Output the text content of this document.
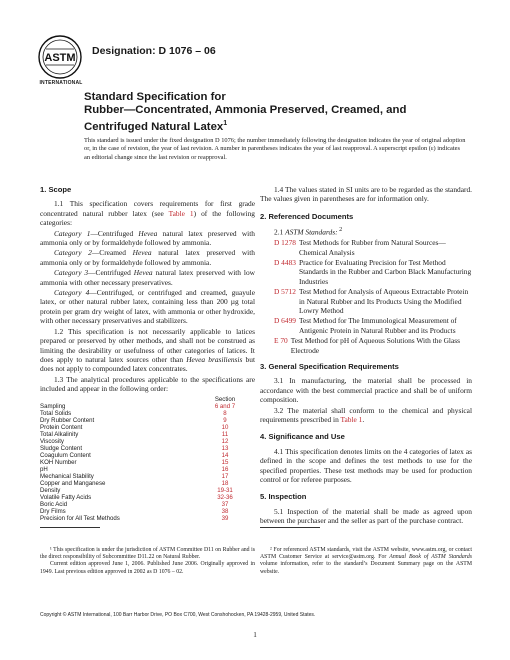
ASTM
INTERNATIONAL
Designation: D 1076 – 06
Standard Specification for
Rubber—Concentrated, Ammonia Preserved, Creamed, and
Centrifuged Natural Latex$^1$
This standard is issued under the fixed designation D 1076; the number immediately following the designation indicates the year of original adoption or, in the case of revision, the year of last revision. A number in parentheses indicates the year of last reapproval. A superscript epsilon (ε) indicates an editorial change since the last revision or reapproval.
1. Scope

1.1 This specification covers requirements for first grade concentrated natural rubber latex (see Table 1) of the following categories:

Category 1—Centrifuged Hevea natural latex preserved with ammonia only or by formaldehyde followed by ammonia.

Category 2—Creamed Hevea natural latex preserved with ammonia only or by formaldehyde followed by ammonia.

Category 3—Centrifuged Hevea natural latex preserved with low ammonia with other necessary preservatives.

Category 4—Centrifuged, or centrifuged and creamed, guayule latex, or other natural rubber latex, containing less than 200 µg total protein per gram dry weight of latex, with ammonia or other hydroxide, with other necessary preservatives and stabilizers.

1.2 This specification is not necessarily applicable to latices prepared or preserved by other methods, and shall not be construed as limiting the desirability or usefulness of other categories of latices. It does apply to natural latex sources other than Hevea brasiliensis but does not apply to compounded latex concentrates.

1.3 The analytical procedures applicable to the specifications are included and appear in the following order:

	Section
Sampling	6 and 7
Total Solids	8
Dry Rubber Content	9
Protein Content	10
Total Alkalinity	11
Viscosity	12
Sludge Content	13
Coagulum Content	14
KOH Number	15
pH	16
Mechanical Stability	17
Copper and Manganese	18
Density	19-31
Volatile Fatty Acids	32-36
Boric Acid	37
Dry Films	38
Precision for All Test Methods	39

1.4 The values stated in SI units are to be regarded as the standard. The values given in parentheses are for information only.

2. Referenced Documents

2.1 ASTM Standards: $^2$

D 1278 Test Methods for Rubber from Natural Sources—Chemical Analysis
D 4483 Practice for Evaluating Precision for Test Method Standards in the Rubber and Carbon Black Manufacturing Industries
D 5712 Test Method for Analysis of Aqueous Extractable Protein in Natural Rubber and Its Products Using the Modified Lowry Method
D 6499 Test Method for The Immunological Measurement of Antigenic Protein in Natural Rubber and its Products
E 70 Test Method for pH of Aqueous Solutions With the Glass Electrode
3. General Specification Requirements

3.1 In manufacturing, the material shall be processed in accordance with the best commercial practice and shall be of uniform composition.

3.2 The material shall conform to the chemical and physical requirements prescribed in Table 1.

4. Significance and Use

4.1 This specification denotes limits on the 4 categories of latex as defined in the scope and defines the test methods to use for the specified properties. These test methods may be used for production control or for referee purposes.

5. Inspection

5.1 Inspection of the material shall be made as agreed upon between the purchaser and the seller as part of the purchase contract.

¹ This specification is under the jurisdiction of ASTM Committee D11 on Rubber and is the direct responsibility of Subcommittee D11.22 on Natural Rubber.

Current edition approved June 1, 2006. Published June 2006. Originally approved in 1949. Last previous edition approved in 2002 as D 1076 – 02.

² For referenced ASTM standards, visit the ASTM website, www.astm.org, or contact ASTM Customer Service at service@astm.org. For Annual Book of ASTM Standards volume information, refer to the standard’s Document Summary page on the ASTM website.

Copyright © ASTM International, 100 Barr Harbor Drive, PO Box C700, West Conshohocken, PA 19428-2959, United States.
1
